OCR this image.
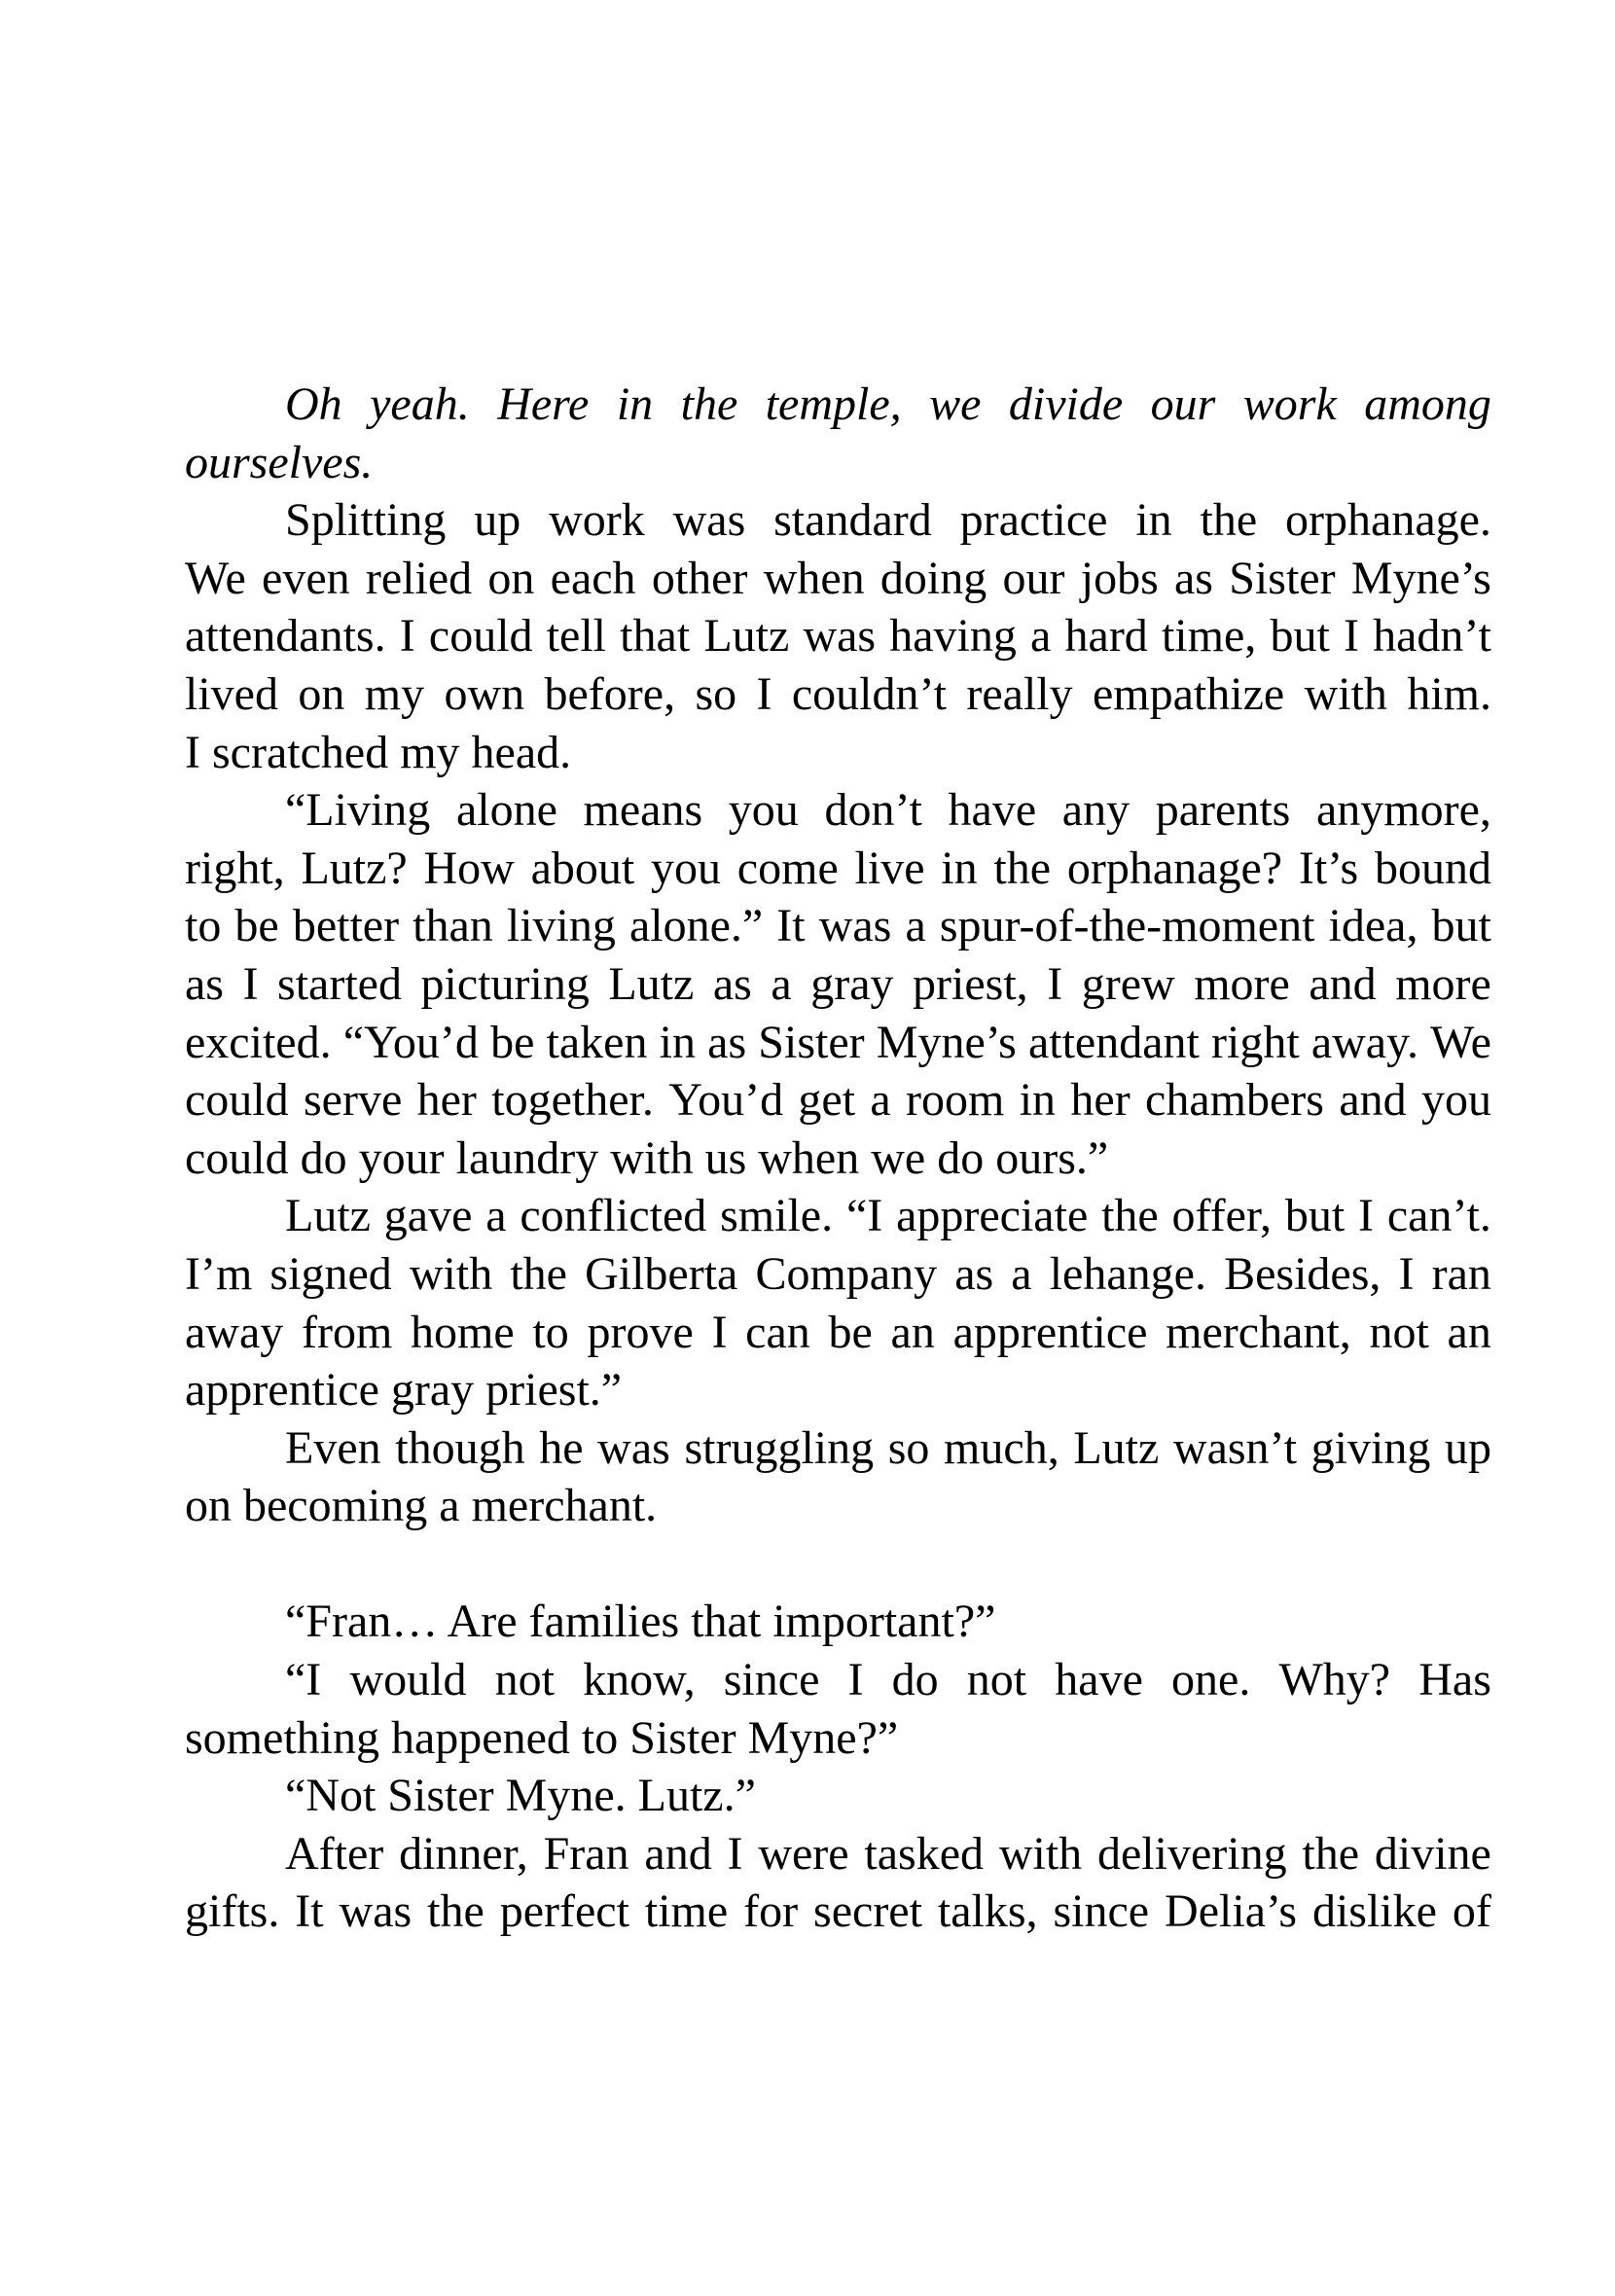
Oh yeah. Here in the temple, we divide our work among
ourselves.
Splitting up work was standard practice in the orphanage.
We even relied on each other when doing our jobs as Sister Myne’s
attendants. I could tell that Lutz was having a hard time, but I hadn’t
lived on my own before, so I couldn’t really empathize with him.
I scratched my head.
“Living alone means you don’t have any parents anymore,
right, Lutz? How about you come live in the orphanage? It’s bound
to be better than living alone.” It was a spur-of-the-moment idea, but
as I started picturing Lutz as a gray priest, I grew more and more
excited. “You’d be taken in as Sister Myne’s attendant right away. We
could serve her together. You’d get a room in her chambers and you
could do your laundry with us when we do ours.”
Lutz gave a conflicted smile. “I appreciate the offer, but I can’t.
I’m signed with the Gilberta Company as a lehange. Besides, I ran
away from home to prove I can be an apprentice merchant, not an
apprentice gray priest.”
Even though he was struggling so much, Lutz wasn’t giving up
on becoming a merchant.
“Fran… Are families that important?”
“I would not know, since I do not have one. Why? Has
something happened to Sister Myne?”
“Not Sister Myne. Lutz.”
After dinner, Fran and I were tasked with delivering the divine
gifts. It was the perfect time for secret talks, since Delia’s dislike of
